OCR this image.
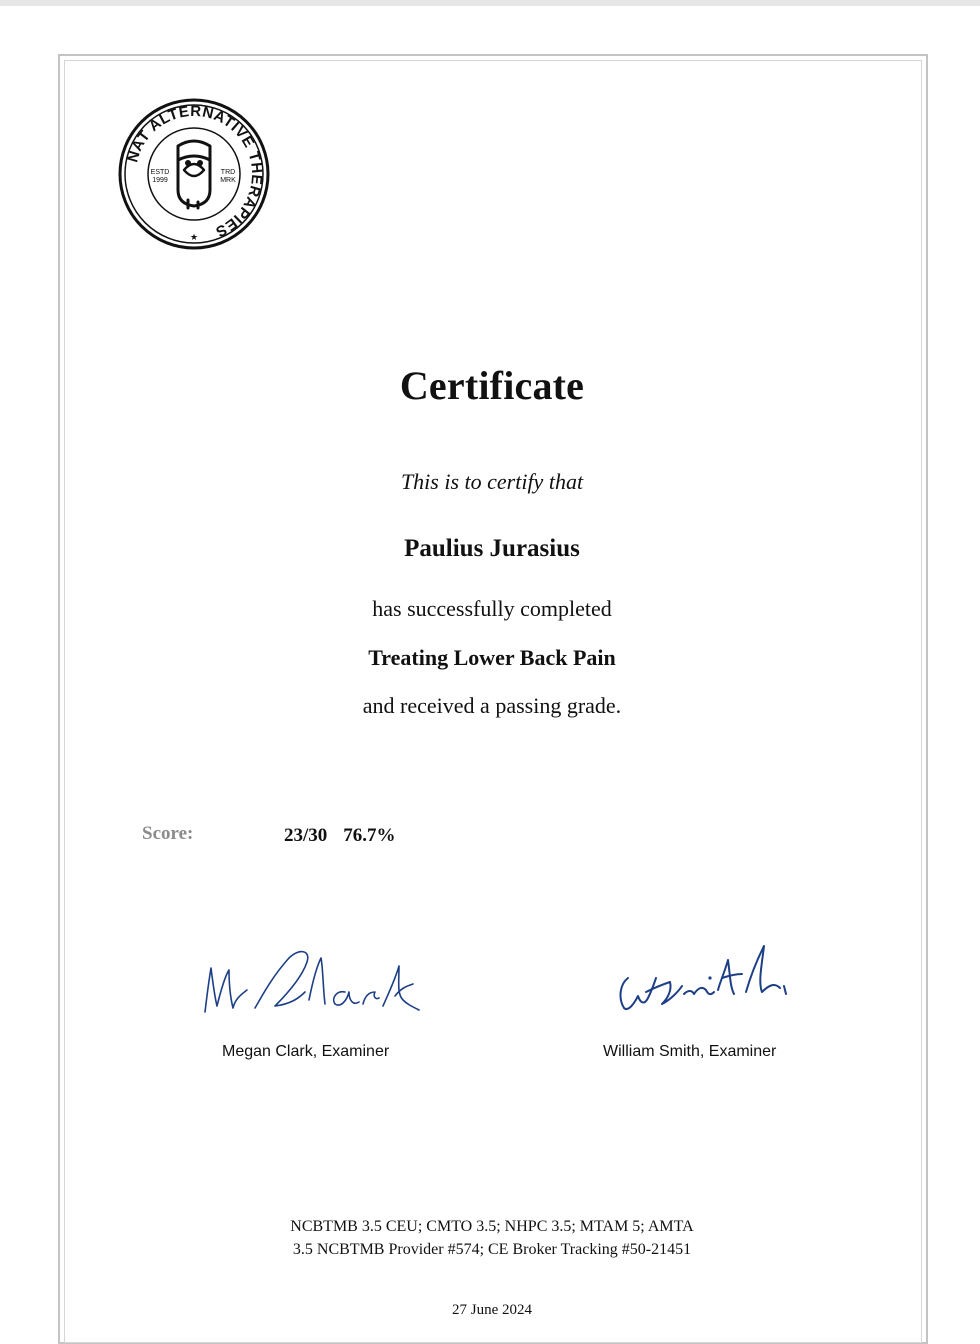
NAT ALTERNATIVE THERAPIES
★
ESTD
1999
TRD
MRK
Certificate
This is to certify that
Paulius Jurasius
has successfully completed
Treating Lower Back Pain
and received a passing grade.
Score:	23/30 76.7%
Megan Clark, Examiner	William Smith, Examiner
NCBTMB 3.5 CEU; CMTO 3.5; NHPC 3.5; MTAM 5; AMTA
3.5 NCBTMB Provider #574; CE Broker Tracking #50-21451
27 June 2024
